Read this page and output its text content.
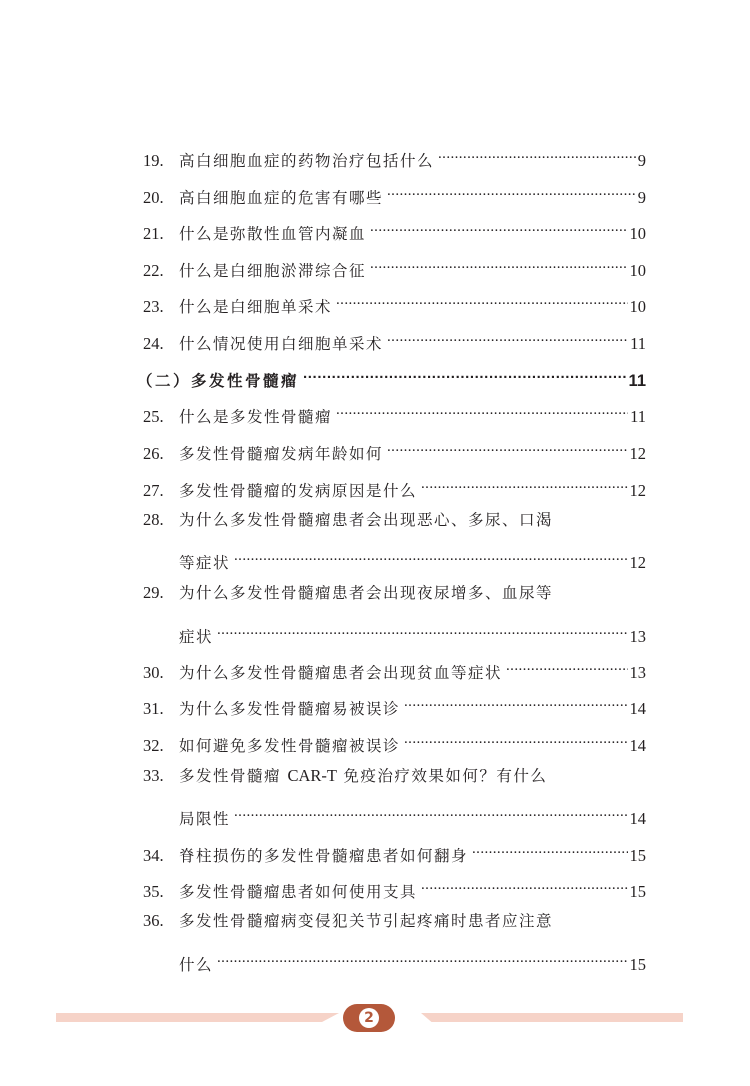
19. 高白细胞血症的药物治疗包括什么 .....	9
20. 高白细胞血症的危害有哪些 .....	9
21. 什么是弥散性血管内凝血 .....	10
22. 什么是白细胞淤滞综合征 .....	10
23. 什么是白细胞单采术 .....	10
24. 什么情况使用白细胞单采术 .....	11
（二）多发性骨髓瘤 .....	11
25. 什么是多发性骨髓瘤 .....	11
26. 多发性骨髓瘤发病年龄如何 .....	12
27. 多发性骨髓瘤的发病原因是什么 .....	12
28. 为什么多发性骨髓瘤患者会出现恶心、多尿、口渴
等症状 .....	12
29. 为什么多发性骨髓瘤患者会出现夜尿增多、血尿等
症状 .....	13
30. 为什么多发性骨髓瘤患者会出现贫血等症状 .....	13
31. 为什么多发性骨髓瘤易被误诊 .....	14
32. 如何避免多发性骨髓瘤被误诊 .....	14
33. 多发性骨髓瘤 CAR-T 免疫治疗效果如何？有什么
局限性 .....	14
34. 脊柱损伤的多发性骨髓瘤患者如何翻身 .....	15
35. 多发性骨髓瘤患者如何使用支具 .....	15
36. 多发性骨髓瘤病变侵犯关节引起疼痛时患者应注意
什么 .....	15
2
